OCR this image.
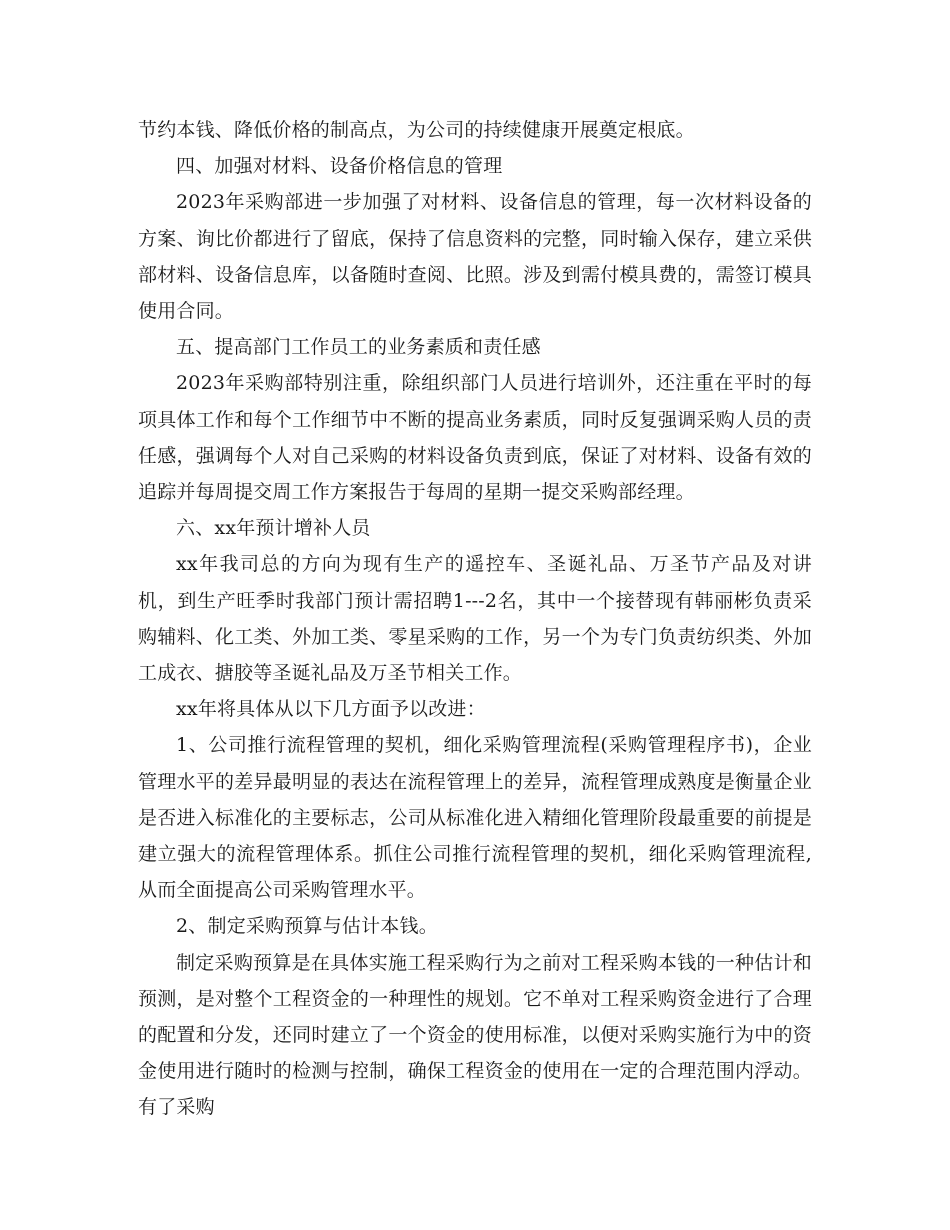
节约本钱、降低价格的制高点，为公司的持续健康开展奠定根底。

四、加强对材料、设备价格信息的管理

2023年采购部进一步加强了对材料、设备信息的管理，每一次材料设备的方案、询比价都进行了留底，保持了信息资料的完整，同时输入保存，建立采供部材料、设备信息库，以备随时查阅、比照。涉及到需付模具费的，需签订模具使用合同。

五、提高部门工作员工的业务素质和责任感

2023年采购部特别注重，除组织部门人员进行培训外，还注重在平时的每项具体工作和每个工作细节中不断的提高业务素质，同时反复强调采购人员的责任感，强调每个人对自己采购的材料设备负责到底，保证了对材料、设备有效的追踪并每周提交周工作方案报告于每周的星期一提交采购部经理。

六、xx年预计增补人员

xx年我司总的方向为现有生产的遥控车、圣诞礼品、万圣节产品及对讲机，到生产旺季时我部门预计需招聘1---2名，其中一个接替现有韩丽彬负责采购辅料、化工类、外加工类、零星采购的工作，另一个为专门负责纺织类、外加工成衣、搪胶等圣诞礼品及万圣节相关工作。

xx年将具体从以下几方面予以改进：

1、公司推行流程管理的契机，细化采购管理流程(采购管理程序书)，企业管理水平的差异最明显的表达在流程管理上的差异，流程管理成熟度是衡量企业是否进入标准化的主要标志，公司从标准化进入精细化管理阶段最重要的前提是建立强大的流程管理体系。抓住公司推行流程管理的契机，细化采购管理流程,从而全面提高公司采购管理水平。

2、制定采购预算与估计本钱。

制定采购预算是在具体实施工程采购行为之前对工程采购本钱的一种估计和预测，是对整个工程资金的一种理性的规划。它不单对工程采购资金进行了合理的配置和分发，还同时建立了一个资金的使用标准，以便对采购实施行为中的资金使用进行随时的检测与控制，确保工程资金的使用在一定的合理范围内浮动。有了采购
